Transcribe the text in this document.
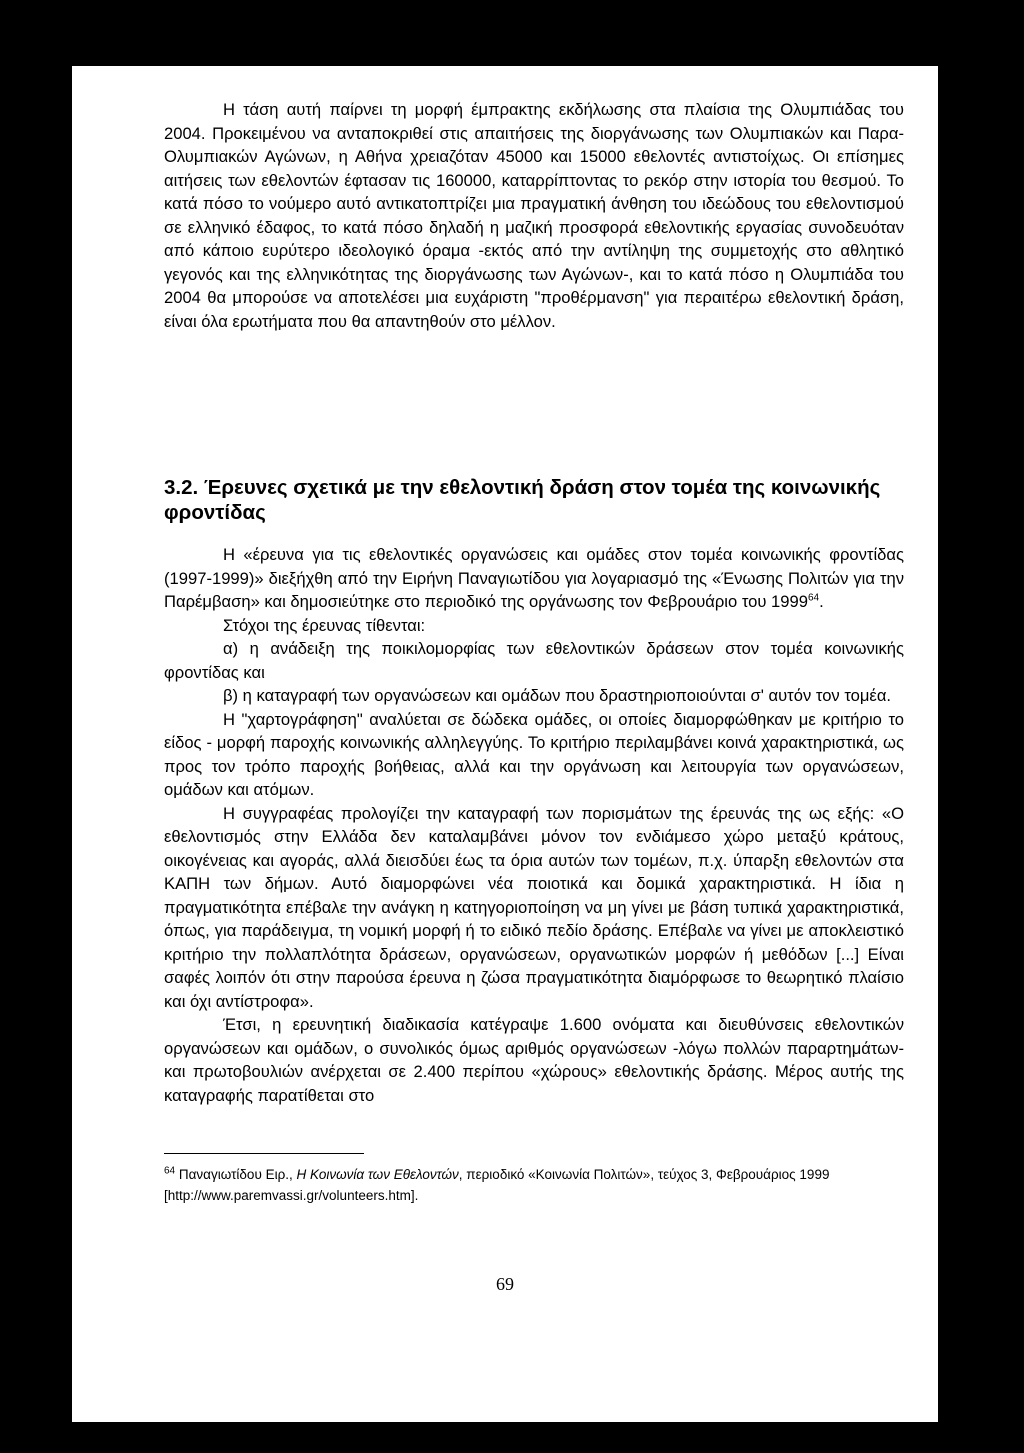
Η τάση αυτή παίρνει τη μορφή έμπρακτης εκδήλωσης στα πλαίσια της Ολυμπιάδας του 2004. Προκειμένου να ανταποκριθεί στις απαιτήσεις της διοργάνωσης των Ολυμπιακών και Παρα-Ολυμπιακών Αγώνων, η Αθήνα χρειαζόταν 45000 και 15000 εθελοντές αντιστοίχως. Οι επίσημες αιτήσεις των εθελοντών έφτασαν τις 160000, καταρρίπτοντας το ρεκόρ στην ιστορία του θεσμού. Το κατά πόσο το νούμερο αυτό αντικατοπτρίζει μια πραγματική άνθηση του ιδεώδους του εθελοντισμού σε ελληνικό έδαφος, το κατά πόσο δηλαδή η μαζική προσφορά εθελοντικής εργασίας συνοδευόταν από κάποιο ευρύτερο ιδεολογικό όραμα -εκτός από την αντίληψη της συμμετοχής στο αθλητικό γεγονός και της ελληνικότητας της διοργάνωσης των Αγώνων-, και το κατά πόσο η Ολυμπιάδα του 2004 θα μπορούσε να αποτελέσει μια ευχάριστη "προθέρμανση" για περαιτέρω εθελοντική δράση, είναι όλα ερωτήματα που θα απαντηθούν στο μέλλον.

3.2. Έρευνες σχετικά με την εθελοντική δράση στον τομέα της κοινωνικής φροντίδας

Η «έρευνα για τις εθελοντικές οργανώσεις και ομάδες στον τομέα κοινωνικής φροντίδας (1997-1999)» διεξήχθη από την Ειρήνη Παναγιωτίδου για λογαριασμό της «Ένωσης Πολιτών για την Παρέμβαση» και δημοσιεύτηκε στο περιοδικό της οργάνωσης τον Φεβρουάριο του 1999$^{64}$.

Στόχοι της έρευνας τίθενται:

α) η ανάδειξη της ποικιλομορφίας των εθελοντικών δράσεων στον τομέα κοινωνικής φροντίδας και

β) η καταγραφή των οργανώσεων και ομάδων που δραστηριοποιούνται σ' αυτόν τον τομέα.

Η "χαρτογράφηση" αναλύεται σε δώδεκα ομάδες, οι οποίες διαμορφώθηκαν με κριτήριο το είδος - μορφή παροχής κοινωνικής αλληλεγγύης. Το κριτήριο περιλαμβάνει κοινά χαρακτηριστικά, ως προς τον τρόπο παροχής βοήθειας, αλλά και την οργάνωση και λειτουργία των οργανώσεων, ομάδων και ατόμων.

Η συγγραφέας προλογίζει την καταγραφή των πορισμάτων της έρευνάς της ως εξής: «Ο εθελοντισμός στην Ελλάδα δεν καταλαμβάνει μόνον τον ενδιάμεσο χώρο μεταξύ κράτους, οικογένειας και αγοράς, αλλά διεισδύει έως τα όρια αυτών των τομέων, π.χ. ύπαρξη εθελοντών στα ΚΑΠΗ των δήμων. Αυτό διαμορφώνει νέα ποιοτικά και δομικά χαρακτηριστικά. Η ίδια η πραγματικότητα επέβαλε την ανάγκη η κατηγοριοποίηση να μη γίνει με βάση τυπικά χαρακτηριστικά, όπως, για παράδειγμα, τη νομική μορφή ή το ειδικό πεδίο δράσης. Επέβαλε να γίνει με αποκλειστικό κριτήριο την πολλαπλότητα δράσεων, οργανώσεων, οργανωτικών μορφών ή μεθόδων [...] Είναι σαφές λοιπόν ότι στην παρούσα έρευνα η ζώσα πραγματικότητα διαμόρφωσε το θεωρητικό πλαίσιο και όχι αντίστροφα».

Έτσι, η ερευνητική διαδικασία κατέγραψε 1.600 ονόματα και διευθύνσεις εθελοντικών οργανώσεων και ομάδων, ο συνολικός όμως αριθμός οργανώσεων -λόγω πολλών παραρτημάτων- και πρωτοβουλιών ανέρχεται σε 2.400 περίπου «χώρους» εθελοντικής δράσης. Μέρος αυτής της καταγραφής παρατίθεται στο

$^{64}$ Παναγιωτίδου Ειρ., Η Κοινωνία των Εθελοντών, περιοδικό «Κοινωνία Πολιτών», τεύχος 3, Φεβρουάριος 1999 [http://www.paremvassi.gr/volunteers.htm].
69
